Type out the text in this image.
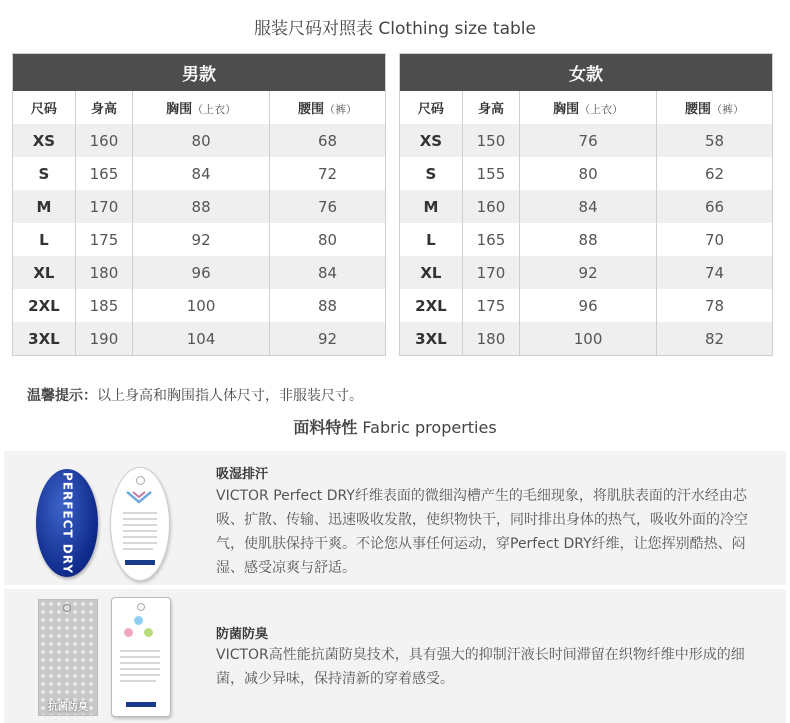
服装尺码对照表 Clothing size table
男款			
尺码	身高	胸围（上衣）	腰围（裤）
XS	160	80	68
S	165	84	72
M	170	88	76
L	175	92	80
XL	180	96	84
2XL	185	100	88
3XL	190	104	92
女款			
尺码	身高	胸围（上衣）	腰围（裤）
XS	150	76	58
S	155	80	62
M	160	84	66
L	165	88	70
XL	170	92	74
2XL	175	96	78
3XL	180	100	82
温馨提示：以上身高和胸围指人体尺寸，非服装尺寸。
面料特性 Fabric properties
PERFECT DRY	吸湿排汗
VICTOR Perfect DRY纤维表面的微细沟槽产生的毛细现象，将肌肤表面的汗水经由芯吸、扩散、传输、迅速吸收发散，使织物快干，同时排出身体的热气，吸收外面的冷空气，使肌肤保持干爽。不论您从事任何运动，穿Perfect DRY纤维，让您挥别酷热、闷湿、感受凉爽与舒适。
抗菌防臭
防菌防臭
VICTOR高性能抗菌防臭技术，具有强大的抑制汗液长时间滞留在织物纤维中形成的细菌，减少异味，保持清新的穿着感受。
